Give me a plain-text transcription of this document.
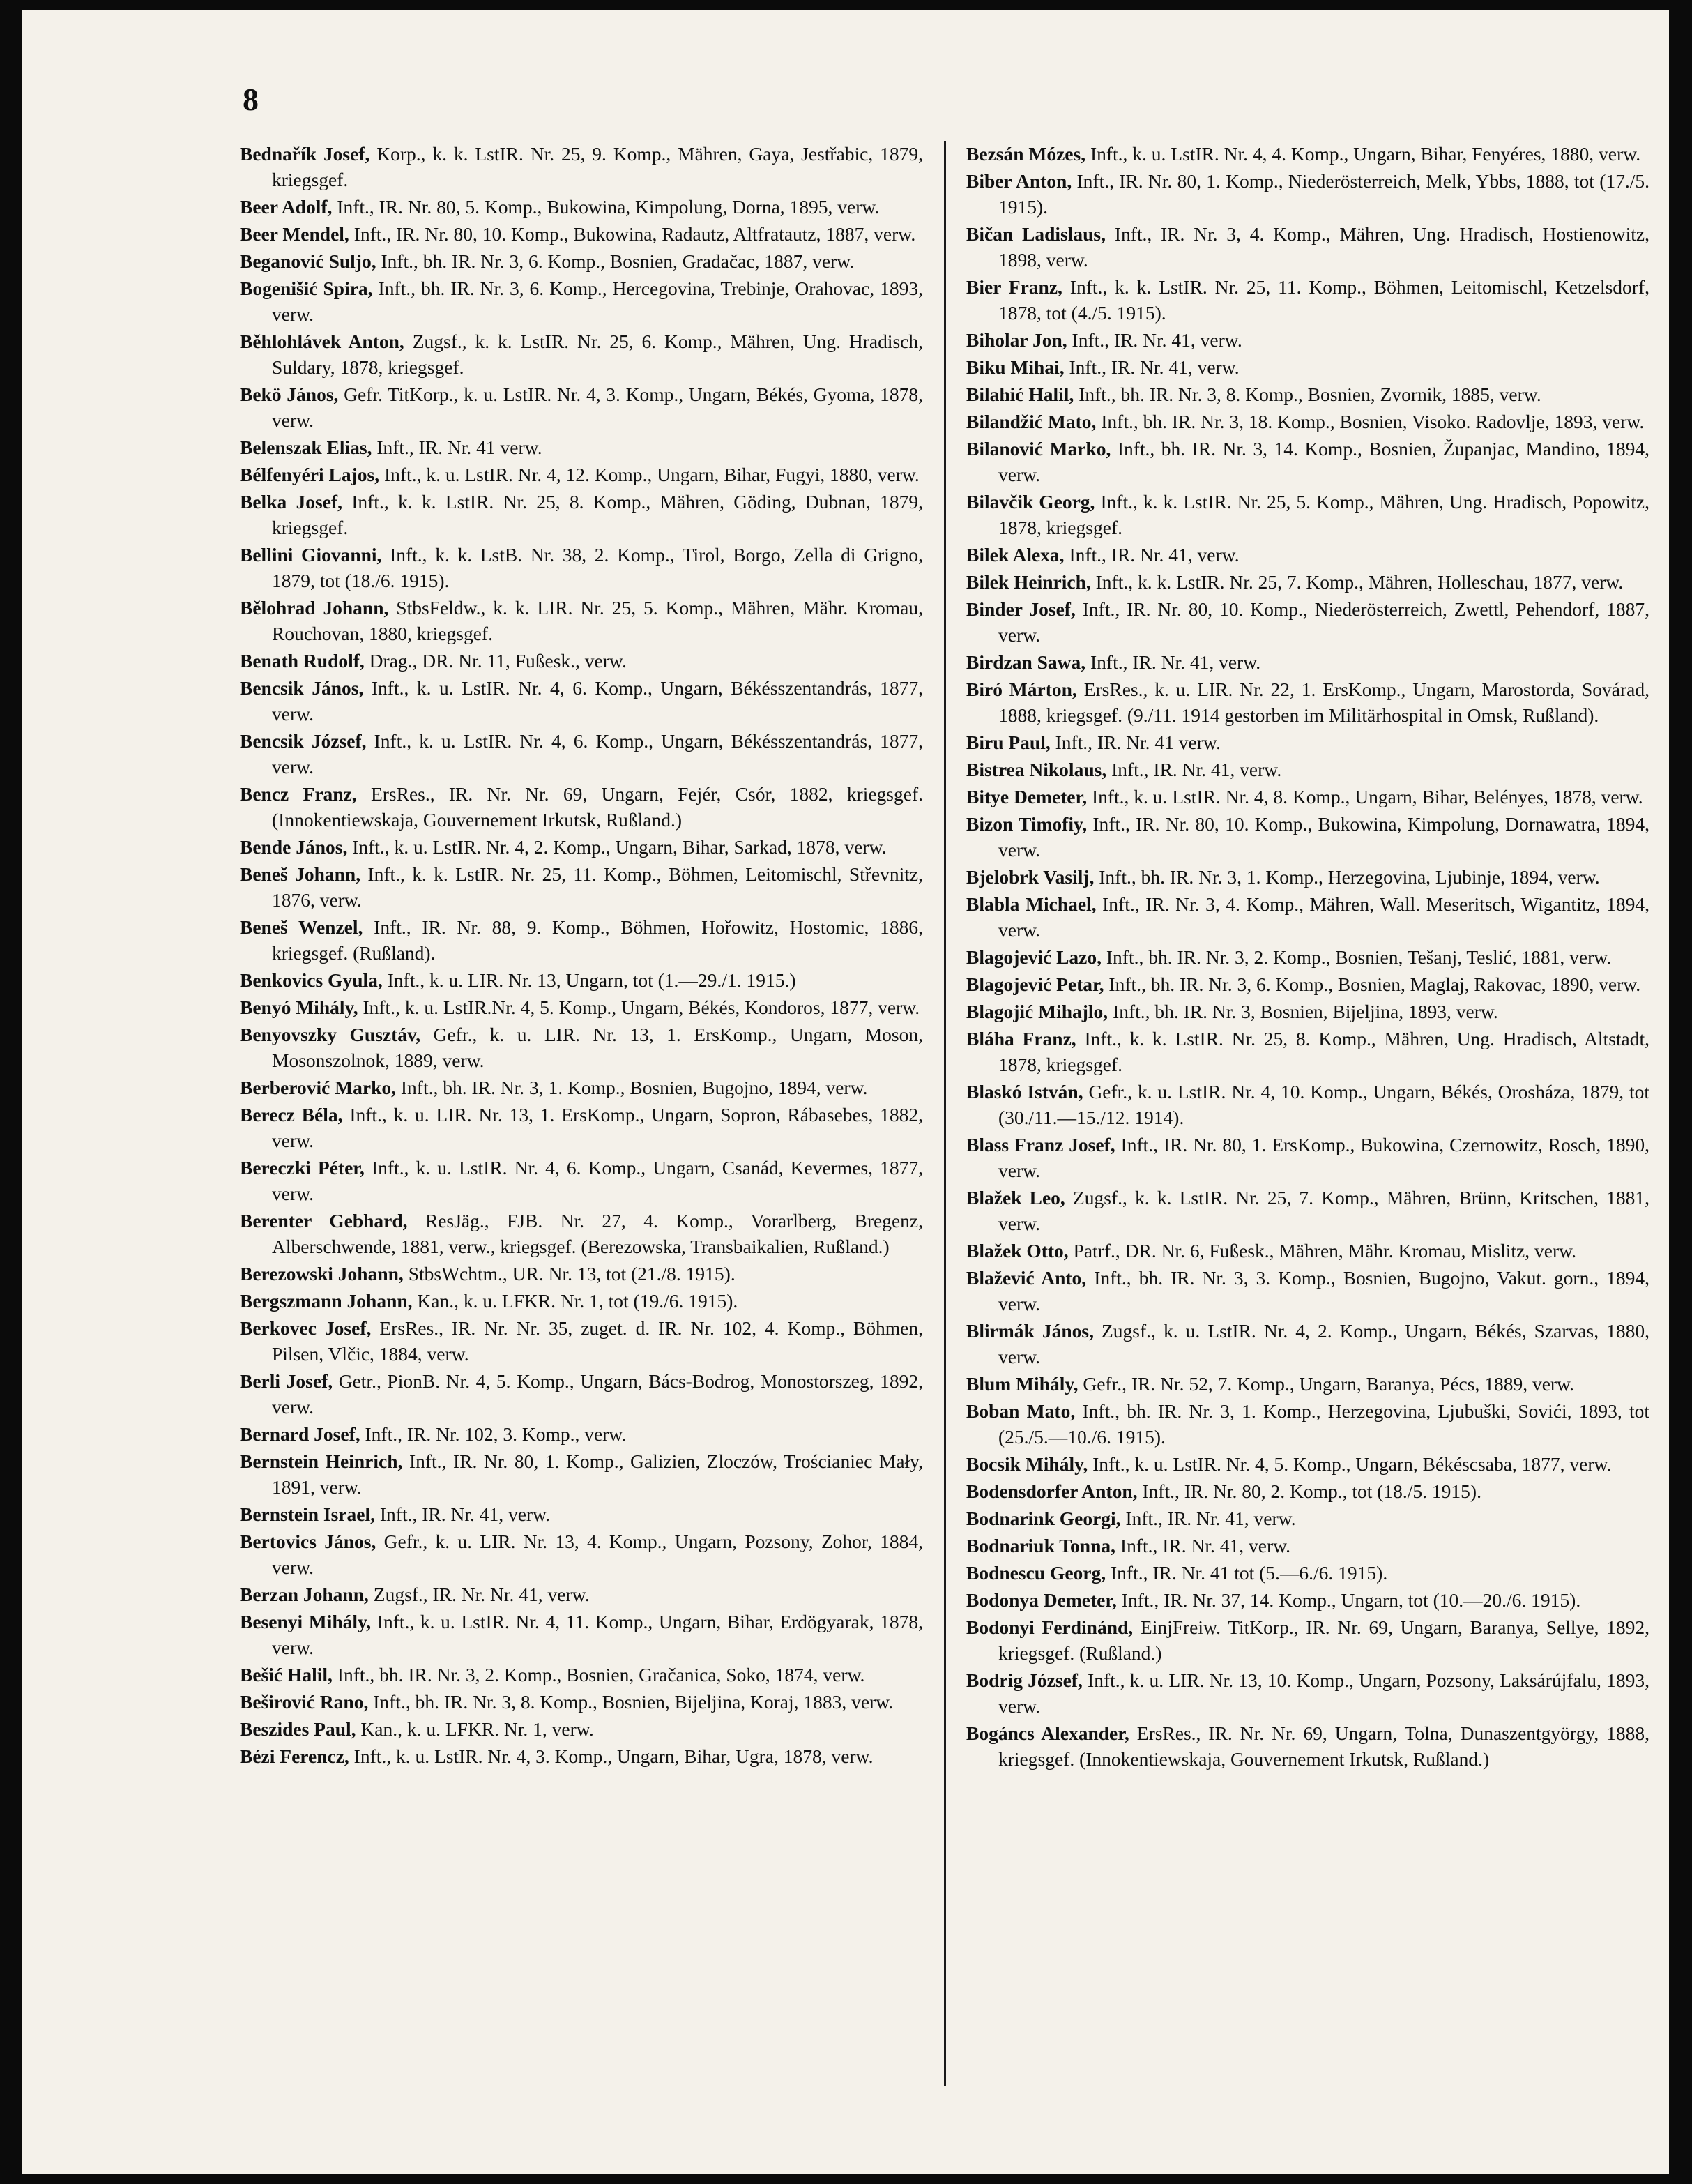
8

Bednařík Josef, Korp., k. k. LstIR. Nr. 25, 9. Komp., Mähren, Gaya, Jestřabic, 1879, kriegsgef.

Beer Adolf, Inft., IR. Nr. 80, 5. Komp., Bukowina, Kimpolung, Dorna, 1895, verw.

Beer Mendel, Inft., IR. Nr. 80, 10. Komp., Bukowina, Radautz, Altfratautz, 1887, verw.

Beganović Suljo, Inft., bh. IR. Nr. 3, 6. Komp., Bosnien, Gradačac, 1887, verw.

Bogenišić Spira, Inft., bh. IR. Nr. 3, 6. Komp., Hercegovina, Trebinje, Orahovac, 1893, verw.

Běhlohlávek Anton, Zugsf., k. k. LstIR. Nr. 25, 6. Komp., Mähren, Ung. Hradisch, Suldary, 1878, kriegsgef.

Bekö János, Gefr. TitKorp., k. u. LstIR. Nr. 4, 3. Komp., Ungarn, Békés, Gyoma, 1878, verw.

Belenszak Elias, Inft., IR. Nr. 41 verw.

Bélfenyéri Lajos, Inft., k. u. LstIR. Nr. 4, 12. Komp., Ungarn, Bihar, Fugyi, 1880, verw.

Belka Josef, Inft., k. k. LstIR. Nr. 25, 8. Komp., Mähren, Göding, Dubnan, 1879, kriegsgef.

Bellini Giovanni, Inft., k. k. LstB. Nr. 38, 2. Komp., Tirol, Borgo, Zella di Grigno, 1879, tot (18./6. 1915).

Bělohrad Johann, StbsFeldw., k. k. LIR. Nr. 25, 5. Komp., Mähren, Mähr. Kromau, Rouchovan, 1880, kriegsgef.

Benath Rudolf, Drag., DR. Nr. 11, Fußesk., verw.

Bencsik János, Inft., k. u. LstIR. Nr. 4, 6. Komp., Ungarn, Békésszentandrás, 1877, verw.

Bencsik József, Inft., k. u. LstIR. Nr. 4, 6. Komp., Ungarn, Békésszentandrás, 1877, verw.

Bencz Franz, ErsRes., IR. Nr. Nr. 69, Ungarn, Fejér, Csór, 1882, kriegsgef. (Innokentiewskaja, Gouvernement Irkutsk, Rußland.)

Bende János, Inft., k. u. LstIR. Nr. 4, 2. Komp., Ungarn, Bihar, Sarkad, 1878, verw.

Beneš Johann, Inft., k. k. LstIR. Nr. 25, 11. Komp., Böhmen, Leitomischl, Střevnitz, 1876, verw.

Beneš Wenzel, Inft., IR. Nr. 88, 9. Komp., Böhmen, Hořowitz, Hostomic, 1886, kriegsgef. (Rußland).

Benkovics Gyula, Inft., k. u. LIR. Nr. 13, Ungarn, tot (1.—29./1. 1915.)

Benyó Mihály, Inft., k. u. LstIR.Nr. 4, 5. Komp., Ungarn, Békés, Kondoros, 1877, verw.

Benyovszky Gusztáv, Gefr., k. u. LIR. Nr. 13, 1. ErsKomp., Ungarn, Moson, Mosonszolnok, 1889, verw.

Berberović Marko, Inft., bh. IR. Nr. 3, 1. Komp., Bosnien, Bugojno, 1894, verw.

Berecz Béla, Inft., k. u. LIR. Nr. 13, 1. ErsKomp., Ungarn, Sopron, Rábasebes, 1882, verw.

Bereczki Péter, Inft., k. u. LstIR. Nr. 4, 6. Komp., Ungarn, Csanád, Kevermes, 1877, verw.

Berenter Gebhard, ResJäg., FJB. Nr. 27, 4. Komp., Vorarlberg, Bregenz, Alberschwende, 1881, verw., kriegsgef. (Berezowska, Transbaikalien, Rußland.)

Berezowski Johann, StbsWchtm., UR. Nr. 13, tot (21./8. 1915).

Bergszmann Johann, Kan., k. u. LFKR. Nr. 1, tot (19./6. 1915).

Berkovec Josef, ErsRes., IR. Nr. Nr. 35, zuget. d. IR. Nr. 102, 4. Komp., Böhmen, Pilsen, Vlčic, 1884, verw.

Berli Josef, Getr., PionB. Nr. 4, 5. Komp., Ungarn, Bács-Bodrog, Monostorszeg, 1892, verw.

Bernard Josef, Inft., IR. Nr. 102, 3. Komp., verw.

Bernstein Heinrich, Inft., IR. Nr. 80, 1. Komp., Galizien, Zloczów, Trościaniec Mały, 1891, verw.

Bernstein Israel, Inft., IR. Nr. 41, verw.

Bertovics János, Gefr., k. u. LIR. Nr. 13, 4. Komp., Ungarn, Pozsony, Zohor, 1884, verw.

Berzan Johann, Zugsf., IR. Nr. Nr. 41, verw.

Besenyi Mihály, Inft., k. u. LstIR. Nr. 4, 11. Komp., Ungarn, Bihar, Erdögyarak, 1878, verw.

Bešić Halil, Inft., bh. IR. Nr. 3, 2. Komp., Bosnien, Gračanica, Soko, 1874, verw.

Beširović Rano, Inft., bh. IR. Nr. 3, 8. Komp., Bosnien, Bijeljina, Koraj, 1883, verw.

Beszides Paul, Kan., k. u. LFKR. Nr. 1, verw.

Bézi Ferencz, Inft., k. u. LstIR. Nr. 4, 3. Komp., Ungarn, Bihar, Ugra, 1878, verw.

Bezsán Mózes, Inft., k. u. LstIR. Nr. 4, 4. Komp., Ungarn, Bihar, Fenyéres, 1880, verw.

Biber Anton, Inft., IR. Nr. 80, 1. Komp., Niederösterreich, Melk, Ybbs, 1888, tot (17./5. 1915).

Bičan Ladislaus, Inft., IR. Nr. 3, 4. Komp., Mähren, Ung. Hradisch, Hostienowitz, 1898, verw.

Bier Franz, Inft., k. k. LstIR. Nr. 25, 11. Komp., Böhmen, Leitomischl, Ketzelsdorf, 1878, tot (4./5. 1915).

Biholar Jon, Inft., IR. Nr. 41, verw.

Biku Mihai, Inft., IR. Nr. 41, verw.

Bilahić Halil, Inft., bh. IR. Nr. 3, 8. Komp., Bosnien, Zvornik, 1885, verw.

Bilandžić Mato, Inft., bh. IR. Nr. 3, 18. Komp., Bosnien, Visoko. Radovlje, 1893, verw.

Bilanović Marko, Inft., bh. IR. Nr. 3, 14. Komp., Bosnien, Županjac, Mandino, 1894, verw.

Bilavčik Georg, Inft., k. k. LstIR. Nr. 25, 5. Komp., Mähren, Ung. Hradisch, Popowitz, 1878, kriegsgef.

Bilek Alexa, Inft., IR. Nr. 41, verw.

Bilek Heinrich, Inft., k. k. LstIR. Nr. 25, 7. Komp., Mähren, Holleschau, 1877, verw.

Binder Josef, Inft., IR. Nr. 80, 10. Komp., Niederösterreich, Zwettl, Pehendorf, 1887, verw.

Birdzan Sawa, Inft., IR. Nr. 41, verw.

Biró Márton, ErsRes., k. u. LIR. Nr. 22, 1. ErsKomp., Ungarn, Marostorda, Sovárad, 1888, kriegsgef. (9./11. 1914 gestorben im Militärhospital in Omsk, Rußland).

Biru Paul, Inft., IR. Nr. 41 verw.

Bistrea Nikolaus, Inft., IR. Nr. 41, verw.

Bitye Demeter, Inft., k. u. LstIR. Nr. 4, 8. Komp., Ungarn, Bihar, Belényes, 1878, verw.

Bizon Timofiy, Inft., IR. Nr. 80, 10. Komp., Bukowina, Kimpolung, Dornawatra, 1894, verw.

Bjelobrk Vasilj, Inft., bh. IR. Nr. 3, 1. Komp., Herzegovina, Ljubinje, 1894, verw.

Blabla Michael, Inft., IR. Nr. 3, 4. Komp., Mähren, Wall. Meseritsch, Wigantitz, 1894, verw.

Blagojević Lazo, Inft., bh. IR. Nr. 3, 2. Komp., Bosnien, Tešanj, Teslić, 1881, verw.

Blagojević Petar, Inft., bh. IR. Nr. 3, 6. Komp., Bosnien, Maglaj, Rakovac, 1890, verw.

Blagojić Mihajlo, Inft., bh. IR. Nr. 3, Bosnien, Bijeljina, 1893, verw.

Bláha Franz, Inft., k. k. LstIR. Nr. 25, 8. Komp., Mähren, Ung. Hradisch, Altstadt, 1878, kriegsgef.

Blaskó István, Gefr., k. u. LstIR. Nr. 4, 10. Komp., Ungarn, Békés, Orosháza, 1879, tot (30./11.—15./12. 1914).

Blass Franz Josef, Inft., IR. Nr. 80, 1. ErsKomp., Bukowina, Czernowitz, Rosch, 1890, verw.

Blažek Leo, Zugsf., k. k. LstIR. Nr. 25, 7. Komp., Mähren, Brünn, Kritschen, 1881, verw.

Blažek Otto, Patrf., DR. Nr. 6, Fußesk., Mähren, Mähr. Kromau, Mislitz, verw.

Blažević Anto, Inft., bh. IR. Nr. 3, 3. Komp., Bosnien, Bugojno, Vakut. gorn., 1894, verw.

Blirmák János, Zugsf., k. u. LstIR. Nr. 4, 2. Komp., Ungarn, Békés, Szarvas, 1880, verw.

Blum Mihály, Gefr., IR. Nr. 52, 7. Komp., Ungarn, Baranya, Pécs, 1889, verw.

Boban Mato, Inft., bh. IR. Nr. 3, 1. Komp., Herzegovina, Ljubuški, Sovići, 1893, tot (25./5.—10./6. 1915).

Bocsik Mihály, Inft., k. u. LstIR. Nr. 4, 5. Komp., Ungarn, Békéscsaba, 1877, verw.

Bodensdorfer Anton, Inft., IR. Nr. 80, 2. Komp., tot (18./5. 1915).

Bodnarink Georgi, Inft., IR. Nr. 41, verw.

Bodnariuk Tonna, Inft., IR. Nr. 41, verw.

Bodnescu Georg, Inft., IR. Nr. 41 tot (5.—6./6. 1915).

Bodonya Demeter, Inft., IR. Nr. 37, 14. Komp., Ungarn, tot (10.—20./6. 1915).

Bodonyi Ferdinánd, EinjFreiw. TitKorp., IR. Nr. 69, Ungarn, Baranya, Sellye, 1892, kriegsgef. (Rußland.)

Bodrig József, Inft., k. u. LIR. Nr. 13, 10. Komp., Ungarn, Pozsony, Laksárújfalu, 1893, verw.

Bogáncs Alexander, ErsRes., IR. Nr. Nr. 69, Ungarn, Tolna, Dunaszentgyörgy, 1888, kriegsgef. (Innokentiewskaja, Gouvernement Irkutsk, Rußland.)
